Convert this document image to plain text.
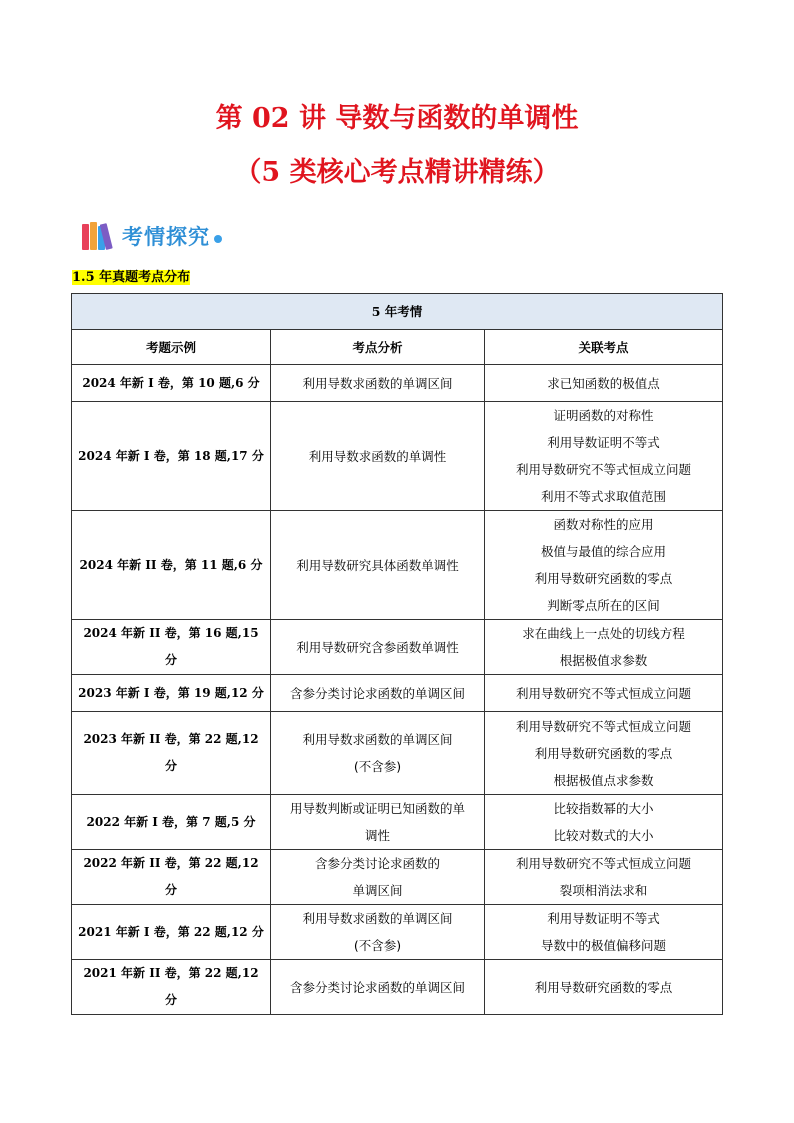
第 02 讲 导数与函数的单调性
（5 类核心考点精讲精练）
考情探究
1.5 年真题考点分布
5 年考情		
考题示例	考点分析	关联考点
2024 年新 I 卷，第 10 题,6 分	利用导数求函数的单调区间	求已知函数的极值点

2024 年新 I 卷，第 18 题,17 分	利用导数求函数的单调性	证明函数的对称性
利用导数证明不等式
利用导数研究不等式恒成立问题
利用不等式求取值范围

2024 年新 II 卷，第 11 题,6 分	利用导数研究具体函数单调性	函数对称性的应用
极值与最值的综合应用
利用导数研究函数的零点
判断零点所在的区间

2024 年新 II 卷，第 16 题,15 分	利用导数研究含参函数单调性	求在曲线上一点处的切线方程
根据极值求参数

2023 年新 I 卷，第 19 题,12 分	含参分类讨论求函数的单调区间	利用导数研究不等式恒成立问题

2023 年新 II 卷，第 22 题,12 分	利用导数求函数的单调区间
(不含参)	利用导数研究不等式恒成立问题
利用导数研究函数的零点
根据极值点求参数

2022 年新 I 卷，第 7 题,5 分	用导数判断或证明已知函数的单
调性	比较指数幂的大小
比较对数式的大小

2022 年新 II 卷，第 22 题,12 分	含参分类讨论求函数的
单调区间	利用导数研究不等式恒成立问题
裂项相消法求和

2021 年新 I 卷，第 22 题,12 分	利用导数求函数的单调区间
(不含参)	利用导数证明不等式
导数中的极值偏移问题

2021 年新 II 卷，第 22 题,12 分	含参分类讨论求函数的单调区间	利用导数研究函数的零点
